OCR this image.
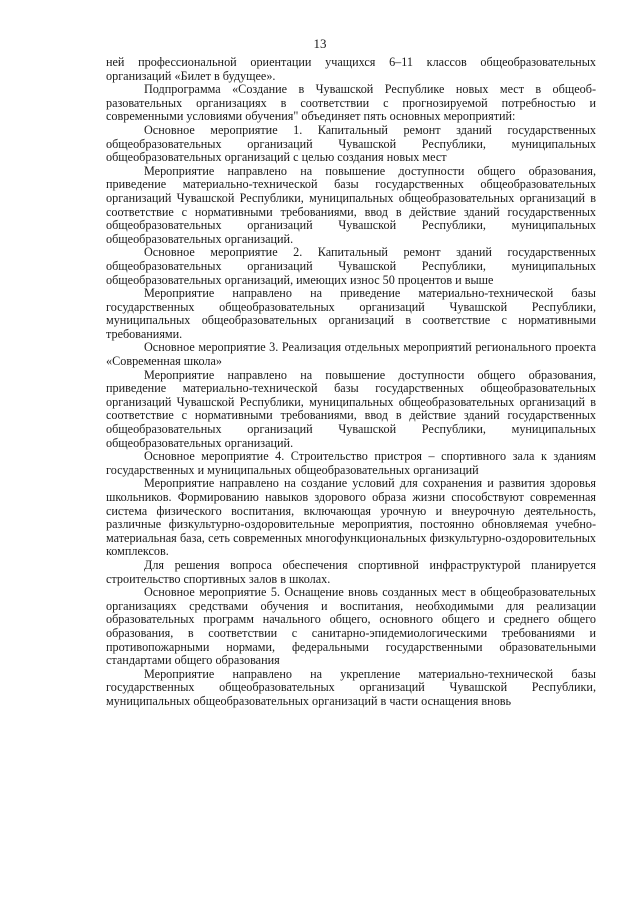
13

ней профессиональной ориентации учащихся 6–11 классов общеобразовательных организаций «Билет в будущее».

Подпрограмма «Создание в Чувашской Республике новых мест в общеобразовательных организациях в соответствии с прогнозируемой потребностью и современными условиями обучения" объединяет пять основных мероприятий:

Основное мероприятие 1. Капитальный ремонт зданий государственных общеобразовательных организаций Чувашской Республики, муниципальных общеобразовательных организаций с целью создания новых мест

Мероприятие направлено на повышение доступности общего образования, приведение материально-технической базы государственных общеобразовательных организаций Чувашской Республики, муниципальных общеобразовательных организаций в соответствие с нормативными требованиями, ввод в действие зданий государственных общеобразовательных организаций Чувашской Республики, муниципальных общеобразовательных организаций.

Основное мероприятие 2. Капитальный ремонт зданий государственных общеобразовательных организаций Чувашской Республики, муниципальных общеобразовательных организаций, имеющих износ 50 процентов и выше

Мероприятие направлено на приведение материально-технической базы государственных общеобразовательных организаций Чувашской Республики, муниципальных общеобразовательных организаций в соответствие с нормативными требованиями.

Основное мероприятие 3. Реализация отдельных мероприятий регионального проекта «Современная школа»

Мероприятие направлено на повышение доступности общего образования, приведение материально-технической базы государственных общеобразовательных организаций Чувашской Республики, муниципальных общеобразовательных организаций в соответствие с нормативными требованиями, ввод в действие зданий государственных общеобразовательных организаций Чувашской Республики, муниципальных общеобразовательных организаций.

Основное мероприятие 4. Строительство пристроя – спортивного зала к зданиям государственных и муниципальных общеобразовательных организаций

Мероприятие направлено на создание условий для сохранения и развития здоровья школьников. Формированию навыков здорового образа жизни способствуют современная система физического воспитания, включающая урочную и внеурочную деятельность, различные физкультурно-оздоровительные мероприятия, постоянно обновляемая учебно-материальная база, сеть современных многофункциональных физкультурно-оздоровительных комплексов.

Для решения вопроса обеспечения спортивной инфраструктурой планируется строительство спортивных залов в школах.

Основное мероприятие 5. Оснащение вновь созданных мест в общеобразовательных организациях средствами обучения и воспитания, необходимыми для реализации образовательных программ начального общего, основного общего и среднего общего образования, в соответствии с санитарно-эпидемиологическими требованиями и противопожарными нормами, федеральными государственными образовательными стандартами общего образования

Мероприятие направлено на укрепление материально-технической базы государственных общеобразовательных организаций Чувашской Республики, муниципальных общеобразовательных организаций в части оснащения вновь
